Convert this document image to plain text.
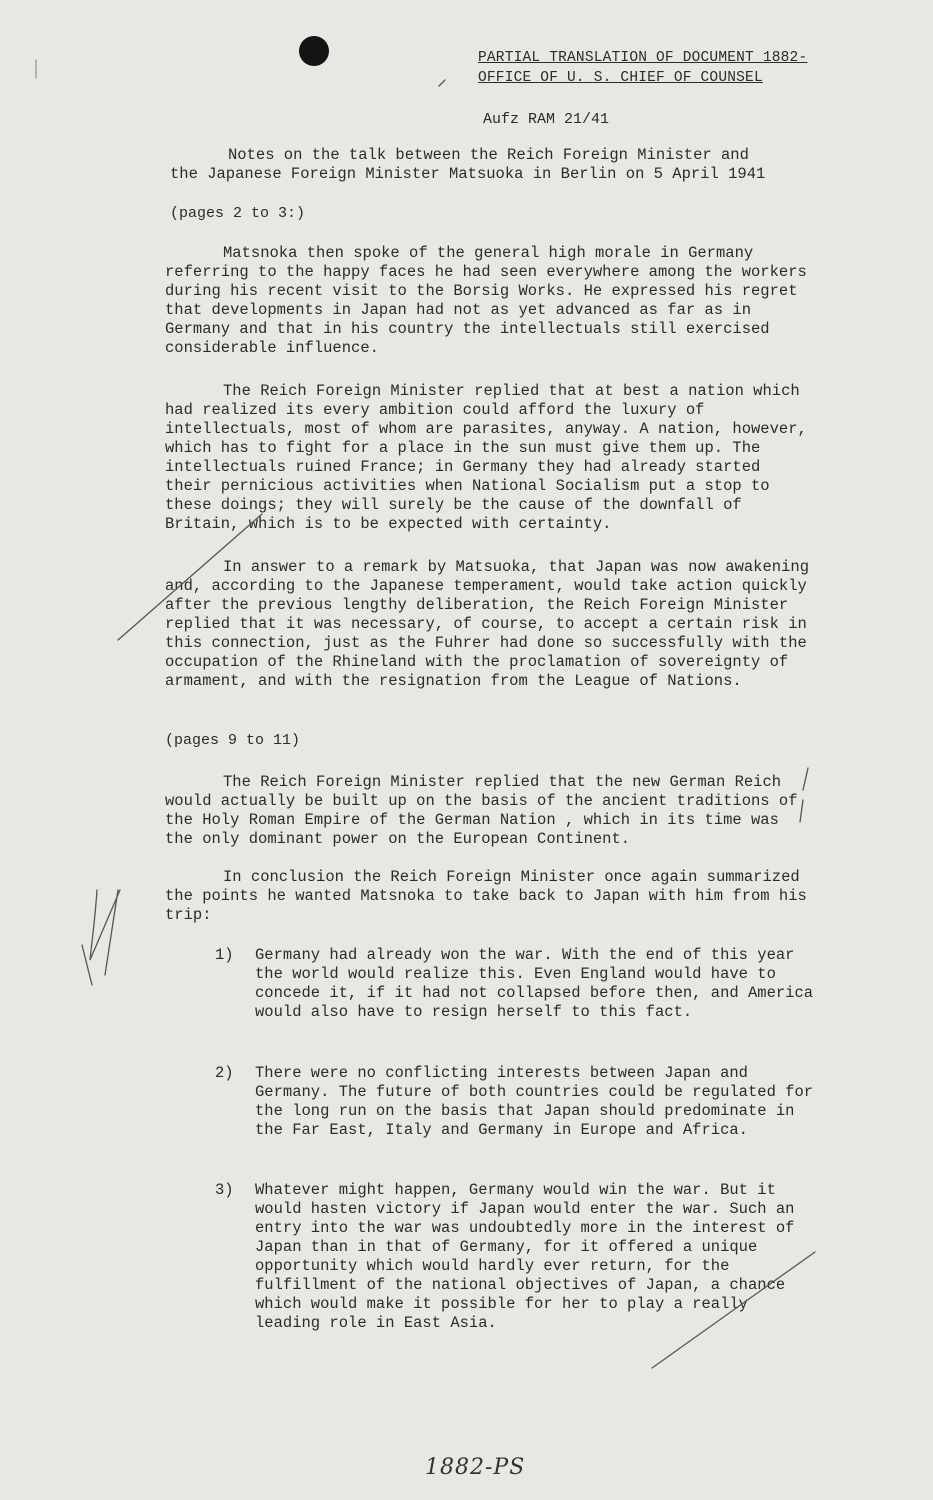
PARTIAL TRANSLATION OF DOCUMENT 1882-
OFFICE OF U. S. CHIEF OF COUNSEL
Aufz RAM 21/41
Notes on the talk between the Reich Foreign Minister and
the Japanese Foreign Minister Matsuoka in Berlin on 5 April 1941
(pages 2 to 3:)

Matsnoka then spoke of the general high morale in Germany referring to the happy faces he had seen everywhere among the workers during his recent visit to the Borsig Works. He expressed his regret that developments in Japan had not as yet advanced as far as in Germany and that in his country the intellectuals still exercised considerable influence.

The Reich Foreign Minister replied that at best a nation which had realized its every ambition could afford the luxury of intellectuals, most of whom are parasites, anyway. A nation, however, which has to fight for a place in the sun must give them up. The intellectuals ruined France; in Germany they had already started their pernicious activities when National Socialism put a stop to these doings; they will surely be the cause of the downfall of Britain, which is to be expected with certainty.

In answer to a remark by Matsuoka, that Japan was now awakening and, according to the Japanese temperament, would take action quickly after the previous lengthy deliberation, the Reich Foreign Minister replied that it was necessary, of course, to accept a certain risk in this connection, just as the Fuhrer had done so successfully with the occupation of the Rhineland with the proclamation of sovereignty of armament, and with the resignation from the League of Nations.

(pages 9 to 11)

The Reich Foreign Minister replied that the new German Reich would actually be built up on the basis of the ancient traditions of the Holy Roman Empire of the German Nation , which in its time was the only dominant power on the European Continent.

In conclusion the Reich Foreign Minister once again summarized the points he wanted Matsnoka to take back to Japan with him from his trip:

1)	Germany had already won the war. With the end of this year the world would realize this. Even England would have to concede it, if it had not collapsed before then, and America would also have to resign herself to this fact.
2)	There were no conflicting interests between Japan and Germany. The future of both countries could be regulated for the long run on the basis that Japan should predominate in the Far East, Italy and Germany in Europe and Africa.
3)	Whatever might happen, Germany would win the war. But it would hasten victory if Japan would enter the war. Such an entry into the war was undoubtedly more in the interest of Japan than in that of Germany, for it offered a unique opportunity which would hardly ever return, for the fulfillment of the national objectives of Japan, a chance which would make it possible for her to play a really leading role in East Asia.
1882-PS
